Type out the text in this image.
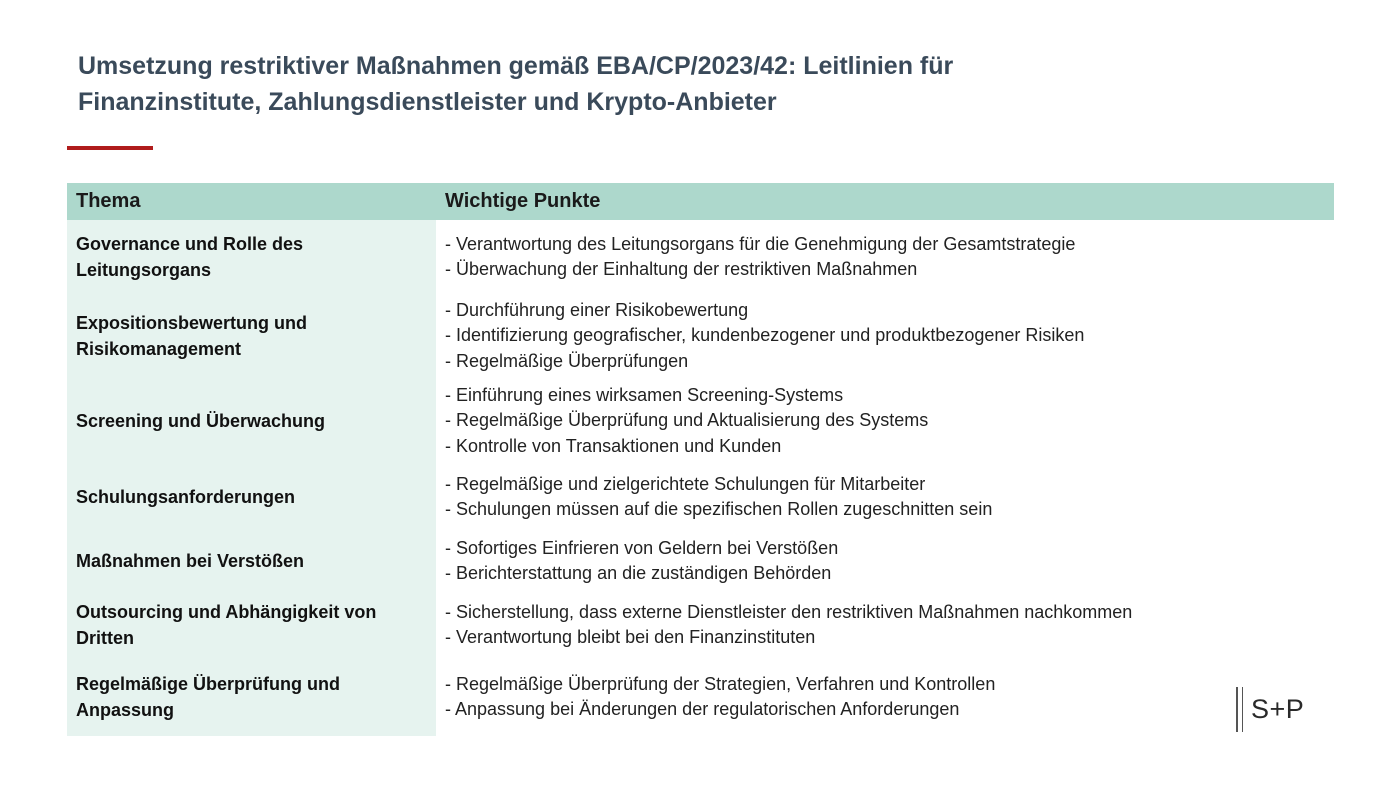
Umsetzung restriktiver Maßnahmen gemäß EBA/CP/2023/42: Leitlinien für
Finanzinstitute, Zahlungsdienstleister und Krypto-Anbieter
Thema	Wichtige Punkte
Governance und Rolle des Leitungsorgans	- Verantwortung des Leitungsorgans für die Genehmigung der Gesamtstrategie
- Überwachung der Einhaltung der restriktiven Maßnahmen

Expositionsbewertung und Risikomanagement	- Durchführung einer Risikobewertung
- Identifizierung geografischer, kundenbezogener und produktbezogener Risiken
- Regelmäßige Überprüfungen

Screening und Überwachung	- Einführung eines wirksamen Screening-Systems
- Regelmäßige Überprüfung und Aktualisierung des Systems
- Kontrolle von Transaktionen und Kunden

Schulungsanforderungen	- Regelmäßige und zielgerichtete Schulungen für Mitarbeiter
- Schulungen müssen auf die spezifischen Rollen zugeschnitten sein

Maßnahmen bei Verstößen	- Sofortiges Einfrieren von Geldern bei Verstößen
- Berichterstattung an die zuständigen Behörden

Outsourcing und Abhängigkeit von Dritten	- Sicherstellung, dass externe Dienstleister den restriktiven Maßnahmen nachkommen
- Verantwortung bleibt bei den Finanzinstituten

Regelmäßige Überprüfung und Anpassung	- Regelmäßige Überprüfung der Strategien, Verfahren und Kontrollen
- Anpassung bei Änderungen der regulatorischen Anforderungen	S+P
